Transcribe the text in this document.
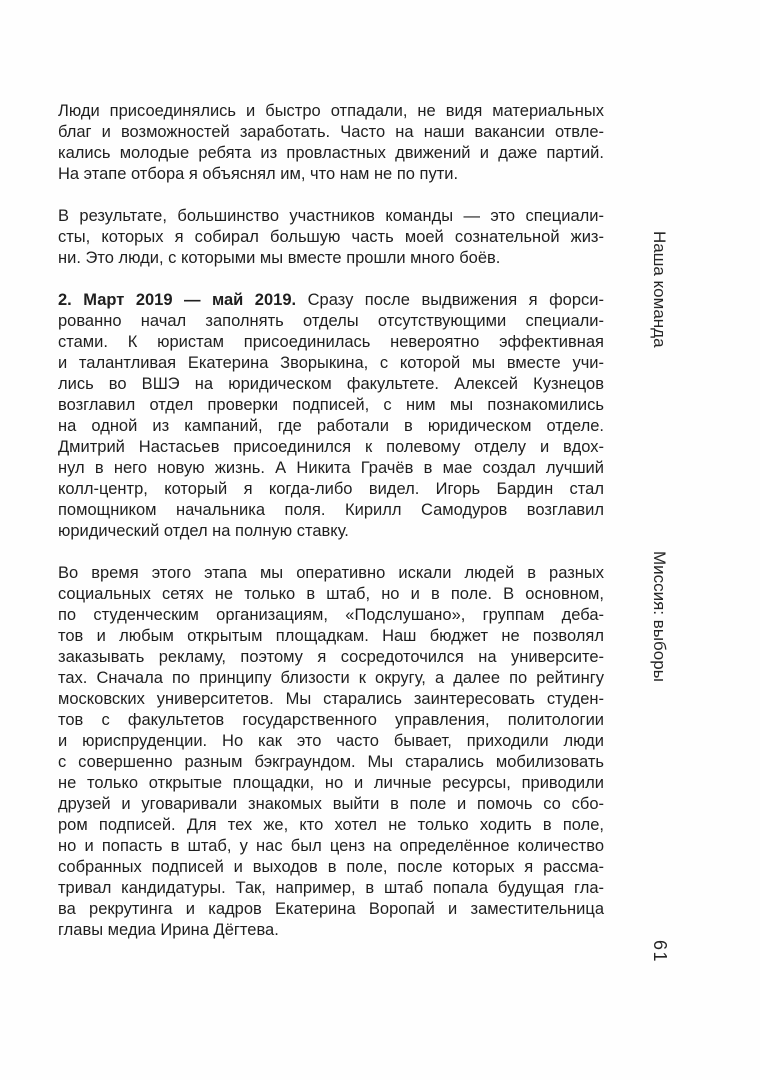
Люди присоединялись и быстро отпадали, не видя материальных
благ и возможностей заработать. Часто на наши вакансии отвле-
кались молодые ребята из провластных движений и даже партий.
На этапе отбора я объяснял им, что нам не по пути.
В результате, большинство участников команды — это специали-
сты, которых я собирал большую часть моей сознательной жиз-
ни. Это люди, с которыми мы вместе прошли много боёв.
2. Март 2019 — май 2019. Сразу после выдвижения я форси-
рованно начал заполнять отделы отсутствующими специали-
стами. К юристам присоединилась невероятно эффективная
и талантливая Екатерина Зворыкина, с которой мы вместе учи-
лись во ВШЭ на юридическом факультете. Алексей Кузнецов
возглавил отдел проверки подписей, с ним мы познакомились
на одной из кампаний, где работали в юридическом отделе.
Дмитрий Настасьев присоединился к полевому отделу и вдох-
нул в него новую жизнь. А Никита Грачёв в мае создал лучший
колл-центр, который я когда-либо видел. Игорь Бардин стал
помощником начальника поля. Кирилл Самодуров возглавил
юридический отдел на полную ставку.
Во время этого этапа мы оперативно искали людей в разных
социальных сетях не только в штаб, но и в поле. В основном,
по студенческим организациям, «Подслушано», группам деба-
тов и любым открытым площадкам. Наш бюджет не позволял
заказывать рекламу, поэтому я сосредоточился на университе-
тах. Сначала по принципу близости к округу, а далее по рейтингу
московских университетов. Мы старались заинтересовать студен-
тов с факультетов государственного управления, политологии
и юриспруденции. Но как это часто бывает, приходили люди
с совершенно разным бэкграундом. Мы старались мобилизовать
не только открытые площадки, но и личные ресурсы, приводили
друзей и уговаривали знакомых выйти в поле и помочь со сбо-
ром подписей. Для тех же, кто хотел не только ходить в поле,
но и попасть в штаб, у нас был ценз на определённое количество
собранных подписей и выходов в поле, после которых я рассма-
тривал кандидатуры. Так, например, в штаб попала будущая гла-
ва рекрутинга и кадров Екатерина Воропай и заместительница
главы медиа Ирина Дёгтева.
Наша команда
Миссия: выборы
61
